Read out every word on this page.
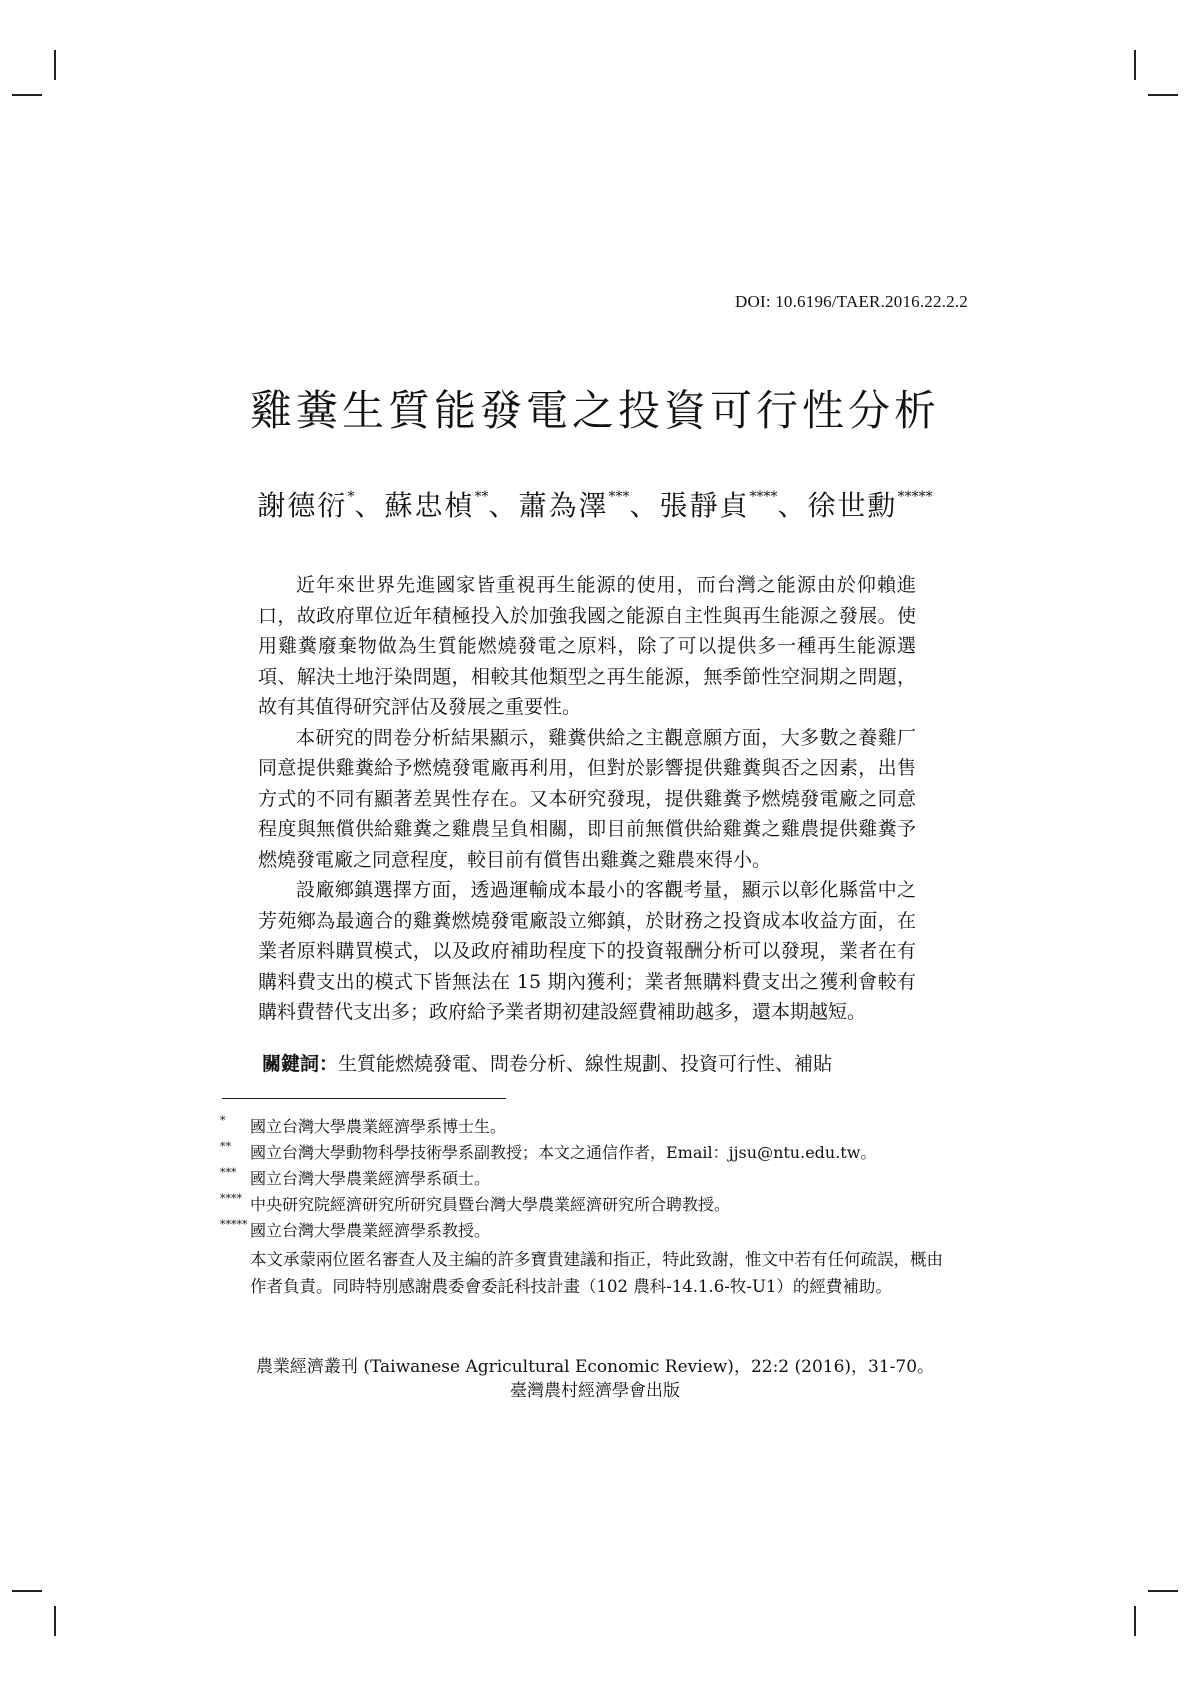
DOI: 10.6196/TAER.2016.22.2.2
雞糞生質能發電之投資可行性分析
謝德衍*、蘇忠楨**、蕭為澤***、張靜貞****、徐世勳*****

近年來世界先進國家皆重視再生能源的使用，而台灣之能源由於仰賴進口，故政府單位近年積極投入於加強我國之能源自主性與再生能源之發展。使用雞糞廢棄物做為生質能燃燒發電之原料，除了可以提供多一種再生能源選項、解決土地汙染問題，相較其他類型之再生能源，無季節性空洞期之問題，故有其值得研究評估及發展之重要性。

本研究的問卷分析結果顯示，雞糞供給之主觀意願方面，大多數之養雞厂同意提供雞糞給予燃燒發電廠再利用，但對於影響提供雞糞與否之因素，出售方式的不同有顯著差異性存在。又本研究發現，提供雞糞予燃燒發電廠之同意程度與無償供給雞糞之雞農呈負相關，即目前無償供給雞糞之雞農提供雞糞予燃燒發電廠之同意程度，較目前有償售出雞糞之雞農來得小。

設廠鄉鎮選擇方面，透過運輸成本最小的客觀考量，顯示以彰化縣當中之芳苑鄉為最適合的雞糞燃燒發電廠設立鄉鎮，於財務之投資成本收益方面，在業者原料購買模式，以及政府補助程度下的投資報酬分析可以發現，業者在有購料費支出的模式下皆無法在 15 期內獲利；業者無購料費支出之獲利會較有購料費替代支出多；政府給予業者期初建設經費補助越多，還本期越短。

關鍵詞：生質能燃燒發電、問卷分析、線性規劃、投資可行性、補貼
* 國立台灣大學農業經濟學系博士生。
** 國立台灣大學動物科學技術學系副教授；本文之通信作者，Email：jjsu@ntu.edu.tw。
*** 國立台灣大學農業經濟學系碩士。
**** 中央研究院經濟研究所研究員暨台灣大學農業經濟研究所合聘教授。
***** 國立台灣大學農業經濟學系教授。
本文承蒙兩位匿名審查人及主編的許多寶貴建議和指正，特此致謝，惟文中若有任何疏誤，概由作者負責。同時特別感謝農委會委託科技計畫（102 農科-14.1.6-牧-U1）的經費補助。
農業經濟叢刊 (Taiwanese Agricultural Economic Review)，22:2 (2016)，31-70。
臺灣農村經濟學會出版
